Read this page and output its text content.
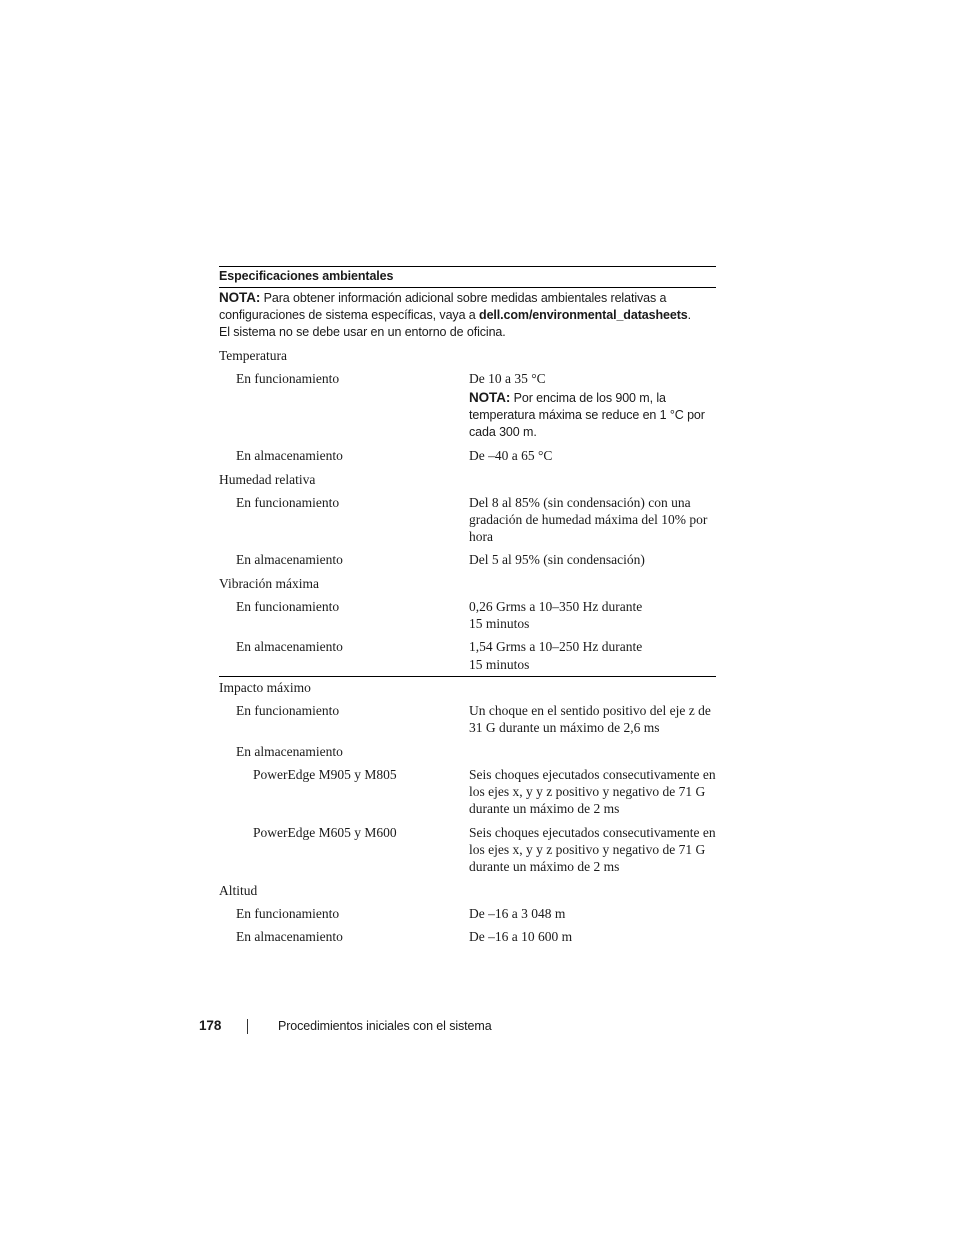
Especificaciones ambientales
NOTA: Para obtener información adicional sobre medidas ambientales relativas a configuraciones de sistema específicas, vaya a dell.com/environmental_datasheets.
El sistema no se debe usar en un entorno de oficina.
Temperatura
En funcionamiento	De 10 a 35 °C
NOTA: Por encima de los 900 m, la temperatura máxima se reduce en 1 °C por cada 300 m.
En almacenamiento	De –40 a 65 °C
Humedad relativa
En funcionamiento	Del 8 al 85% (sin condensación) con una gradación de humedad máxima del 10% por hora
En almacenamiento	Del 5 al 95% (sin condensación)
Vibración máxima
En funcionamiento	0,26 Grms a 10–350 Hz durante
15 minutos
En almacenamiento	1,54 Grms a 10–250 Hz durante
15 minutos
Impacto máximo
En funcionamiento	Un choque en el sentido positivo del eje z de 31 G durante un máximo de 2,6 ms
En almacenamiento
PowerEdge M905 y M805	Seis choques ejecutados consecutivamente en los ejes x, y y z positivo y negativo de 71 G durante un máximo de 2 ms
PowerEdge M605 y M600	Seis choques ejecutados consecutivamente en los ejes x, y y z positivo y negativo de 71 G durante un máximo de 2 ms
Altitud
En funcionamiento	De –16 a 3 048 m
En almacenamiento	De –16 a 10 600 m
178	Procedimientos iniciales con el sistema
